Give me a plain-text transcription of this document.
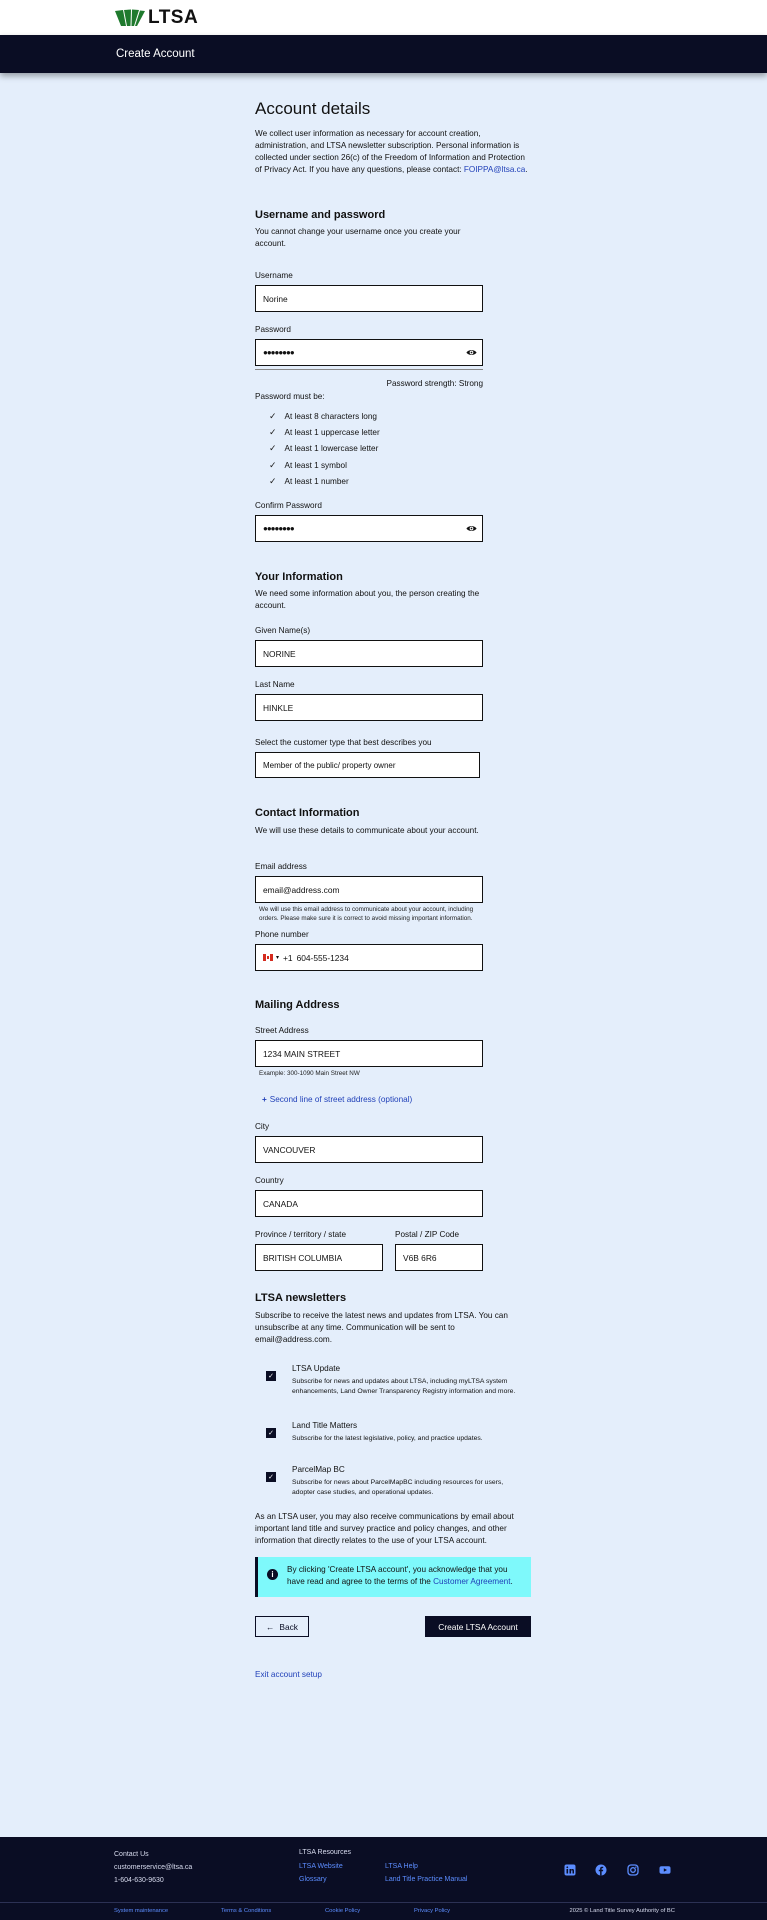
LTSA
Create Account
Account details
We collect user information as necessary for account creation, administration, and LTSA newsletter subscription. Personal information is collected under section 26(c) of the Freedom of Information and Protection of Privacy Act. If you have any questions, please contact: FOIPPA@ltsa.ca.
Username and password
You cannot change your username once you create your account.
Username
Norine
Password
●●●●●●●●
Password strength: Strong
Password must be:
✓ At least 8 characters long
✓ At least 1 uppercase letter
✓ At least 1 lowercase letter
✓ At least 1 symbol
✓ At least 1 number
Confirm Password
●●●●●●●●
Your Information
We need some information about you, the person creating the account.
Given Name(s)
NORINE
Last Name
HINKLE
Select the customer type that best describes you
Member of the public/ property owner
Contact Information
We will use these details to communicate about your account.
Email address
email@address.com
We will use this email address to communicate about your account, including orders. Please make sure it is correct to avoid missing important information.
Phone number
▾ +1 604-555-1234
Mailing Address
Street Address
1234 MAIN STREET
Example: 300-1090 Main Street NW
+ Second line of street address (optional)
City
VANCOUVER
Country
CANADA
Province / territory / state
BRITISH COLUMBIA
Postal / ZIP Code
V6B 6R6
LTSA newsletters
Subscribe to receive the latest news and updates from LTSA. You can unsubscribe at any time. Communication will be sent to email@address.com.
✓
LTSA Update
Subscribe for news and updates about LTSA, including myLTSA system enhancements, Land Owner Transparency Registry information and more.
✓
Land Title Matters
Subscribe for the latest legislative, policy, and practice updates.
✓
ParcelMap BC
Subscribe for news about ParcelMapBC including resources for users, adopter case studies, and operational updates.
As an LTSA user, you may also receive communications by email about important land title and survey practice and policy changes, and other information that directly relates to the use of your LTSA account.
i
By clicking 'Create LTSA account', you acknowledge that you have read and agree to the terms of the Customer Agreement.
← Back	Create LTSA Account
Exit account setup
Contact Us
customerservice@ltsa.ca
1-604-630-9630
LTSA Resources
LTSA Website	LTSA Help
Glossary	Land Title Practice Manual
System maintenance	Terms & Conditions	Cookie Policy	Privacy Policy	2025 © Land Title Survey Authority of BC
